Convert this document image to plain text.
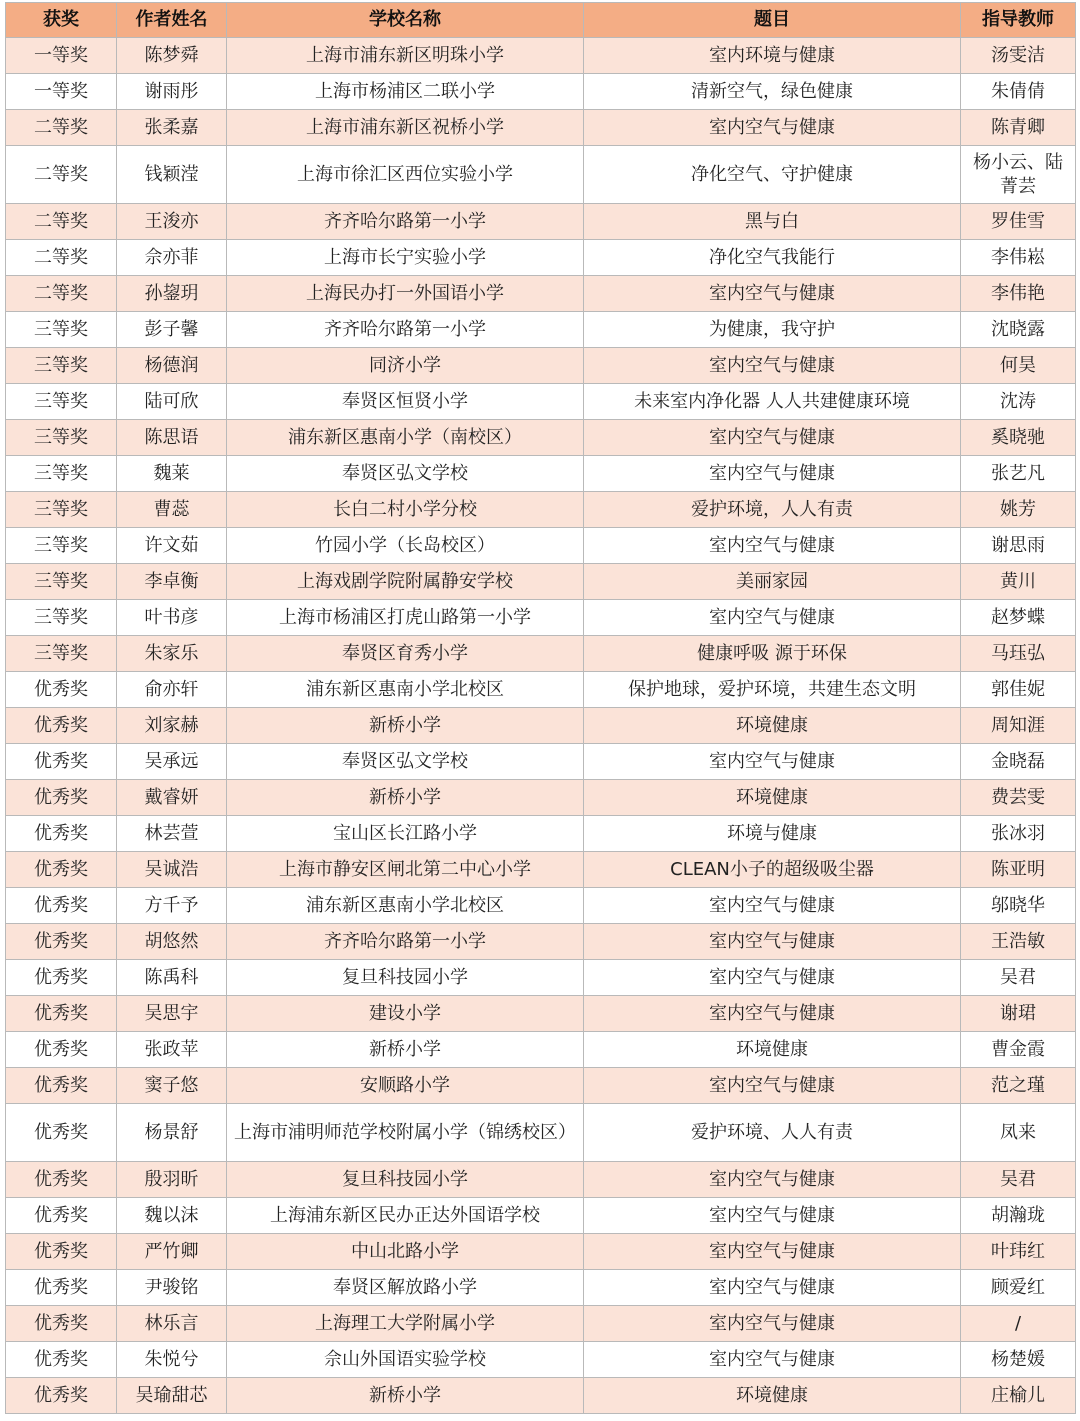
获奖	作者姓名	学校名称	题目	指导教师
一等奖	陈梦舜	上海市浦东新区明珠小学	室内环境与健康	汤雯洁
一等奖	谢雨彤	上海市杨浦区二联小学	清新空气，绿色健康	朱倩倩
二等奖	张柔嘉	上海市浦东新区祝桥小学	室内空气与健康	陈青卿
二等奖	钱颖滢	上海市徐汇区西位实验小学	净化空气、守护健康	杨小云、陆菁芸
二等奖	王浚亦	齐齐哈尔路第一小学	黑与白	罗佳雪
二等奖	佘亦菲	上海市长宁实验小学	净化空气我能行	李伟崧
二等奖	孙鋆玥	上海民办打一外国语小学	室内空气与健康	李伟艳
三等奖	彭子馨	齐齐哈尔路第一小学	为健康，我守护	沈晓露
三等奖	杨德润	同济小学	室内空气与健康	何昊
三等奖	陆可欣	奉贤区恒贤小学	未来室内净化器 人人共建健康环境	沈涛
三等奖	陈思语	浦东新区惠南小学（南校区）	室内空气与健康	奚晓驰
三等奖	魏莱	奉贤区弘文学校	室内空气与健康	张艺凡
三等奖	曹蕊	长白二村小学分校	爱护环境，人人有责	姚芳
三等奖	许文茹	竹园小学（长岛校区）	室内空气与健康	谢思雨
三等奖	李卓衡	上海戏剧学院附属静安学校	美丽家园	黄川
三等奖	叶书彦	上海市杨浦区打虎山路第一小学	室内空气与健康	赵梦蝶
三等奖	朱家乐	奉贤区育秀小学	健康呼吸 源于环保	马珏弘
优秀奖	俞亦轩	浦东新区惠南小学北校区	保护地球，爱护环境，共建生态文明	郭佳妮
优秀奖	刘家赫	新桥小学	环境健康	周知涯
优秀奖	吴承远	奉贤区弘文学校	室内空气与健康	金晓磊
优秀奖	戴睿妍	新桥小学	环境健康	费芸雯
优秀奖	林芸萱	宝山区长江路小学	环境与健康	张冰羽
优秀奖	吴诚浩	上海市静安区闸北第二中心小学	CLEAN小子的超级吸尘器	陈亚明
优秀奖	方千予	浦东新区惠南小学北校区	室内空气与健康	邬晓华
优秀奖	胡悠然	齐齐哈尔路第一小学	室内空气与健康	王浩敏
优秀奖	陈禹科	复旦科技园小学	室内空气与健康	吴君
优秀奖	吴思宇	建设小学	室内空气与健康	谢珺
优秀奖	张政苹	新桥小学	环境健康	曹金霞
优秀奖	窦子悠	安顺路小学	室内空气与健康	范之瑾
优秀奖	杨景舒	上海市浦明师范学校附属小学（锦绣校区）	爱护环境、人人有责	凤来
优秀奖	殷羽昕	复旦科技园小学	室内空气与健康	吴君
优秀奖	魏以沫	上海浦东新区民办正达外国语学校	室内空气与健康	胡瀚珑
优秀奖	严竹卿	中山北路小学	室内空气与健康	叶玮红
优秀奖	尹骏铭	奉贤区解放路小学	室内空气与健康	顾爱红
优秀奖	林乐言	上海理工大学附属小学	室内空气与健康	/
优秀奖	朱悦兮	佘山外国语实验学校	室内空气与健康	杨楚媛
优秀奖	吴瑜甜芯	新桥小学	环境健康	庄榆儿
